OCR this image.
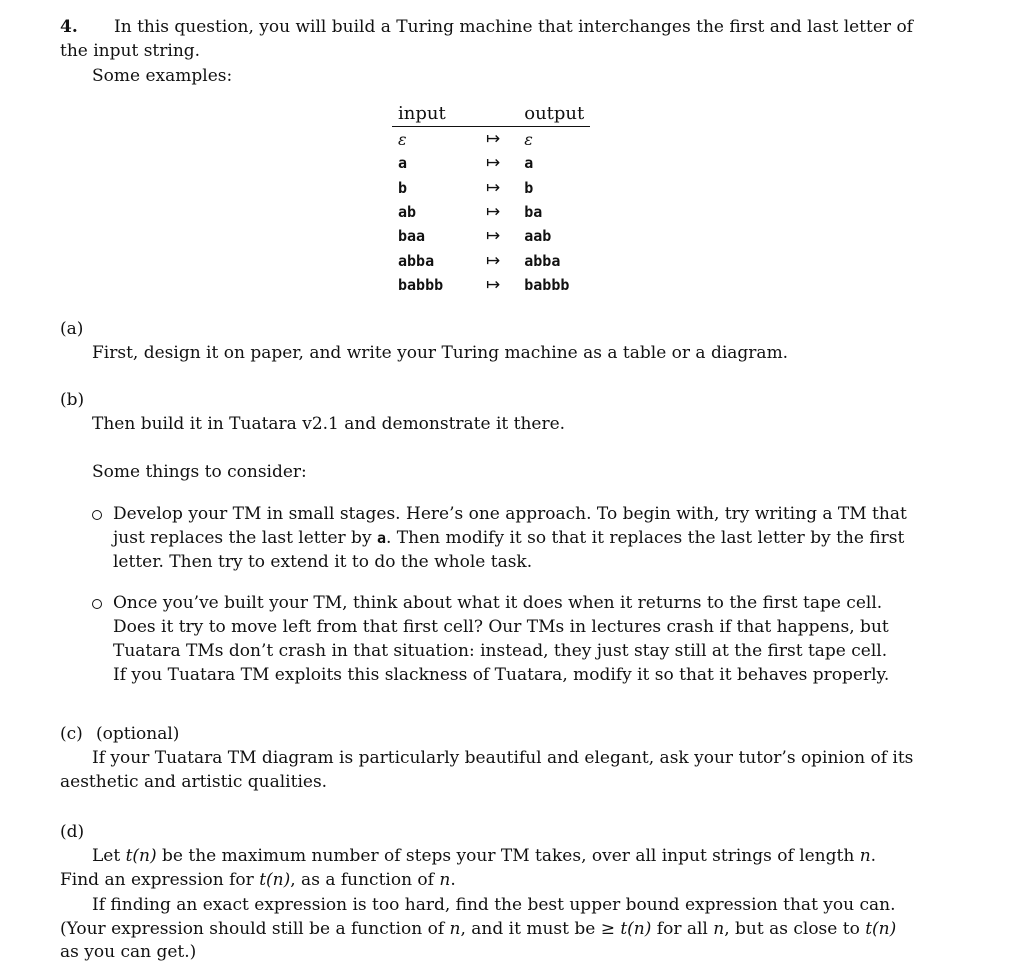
4. In this question, you will build a Turing machine that interchanges the first and last letter of
the input string.
Some examples:
input		output
ε	↦	ε
a	↦	a
b	↦	b
ab	↦	ba
baa	↦	aab
abba	↦	abba
babbb	↦	babbb
(a)
First, design it on paper, and write your Turing machine as a table or a diagram.
(b)
Then build it in Tuatara v2.1 and demonstrate it there.
Some things to consider:
Develop your TM in small stages. Here’s one approach. To begin with, try writing a TM that
just replaces the last letter by a. Then modify it so that it replaces the last letter by the first
letter. Then try to extend it to do the whole task.
Once you’ve built your TM, think about what it does when it returns to the first tape cell.
Does it try to move left from that first cell? Our TMs in lectures crash if that happens, but
Tuatara TMs don’t crash in that situation: instead, they just stay still at the first tape cell.
If you Tuatara TM exploits this slackness of Tuatara, modify it so that it behaves properly.
(c) (optional)
If your Tuatara TM diagram is particularly beautiful and elegant, ask your tutor’s opinion of its
aesthetic and artistic qualities.
(d)
Let t(n) be the maximum number of steps your TM takes, over all input strings of length n.
Find an expression for t(n), as a function of n.
If finding an exact expression is too hard, find the best upper bound expression that you can.
(Your expression should still be a function of n, and it must be ≥ t(n) for all n, but as close to t(n)
as you can get.)
